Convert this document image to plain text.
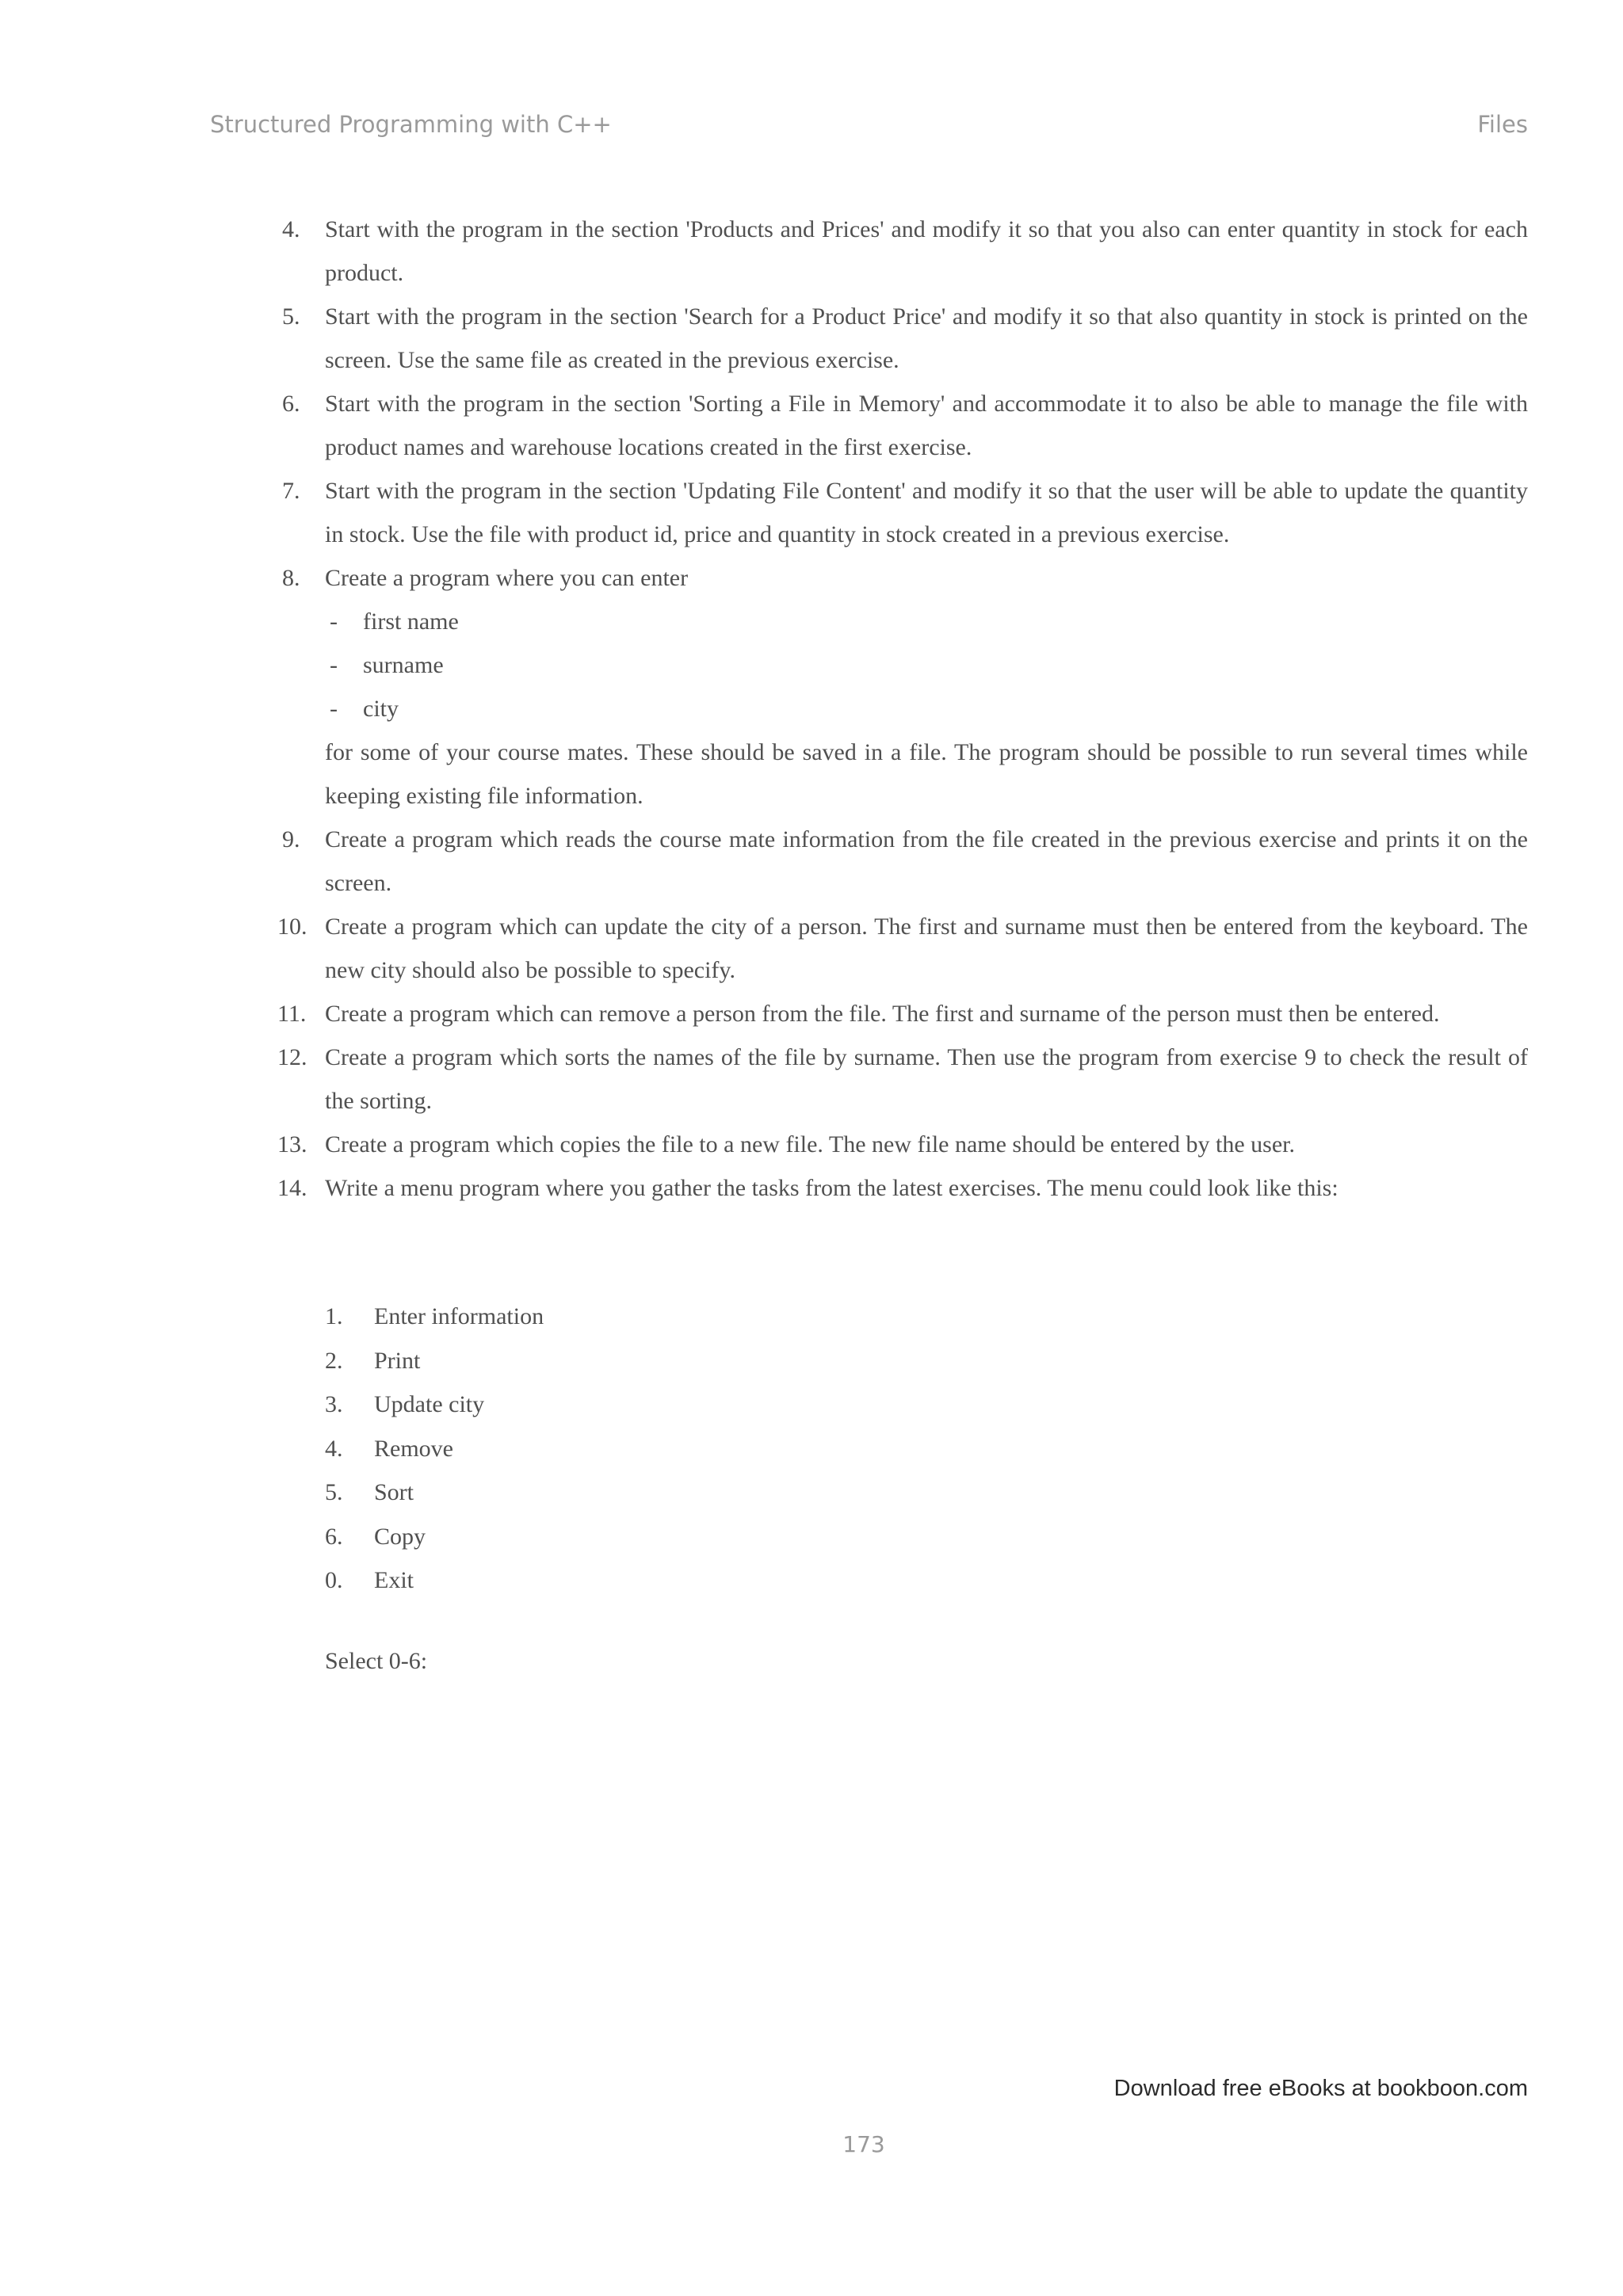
Structured Programming with C++	Files
4. Start with the program in the section 'Products and Prices' and modify it so that you also can enter quantity in stock for each product.
5. Start with the program in the section 'Search for a Product Price' and modify it so that also quantity in stock is printed on the screen. Use the same file as created in the previous exercise.
6. Start with the program in the section 'Sorting a File in Memory' and accommodate it to also be able to manage the file with product names and warehouse locations created in the first exercise.
7. Start with the program in the section 'Updating File Content' and modify it so that the user will be able to update the quantity in stock. Use the file with product id, price and quantity in stock created in a previous exercise.
8. Create a program where you can enter
- first name
- surname
- city
for some of your course mates. These should be saved in a file. The program should be possible to run several times while keeping existing file information.
9. Create a program which reads the course mate information from the file created in the previous exercise and prints it on the screen.
10. Create a program which can update the city of a person. The first and surname must then be entered from the keyboard. The new city should also be possible to specify.
11. Create a program which can remove a person from the file. The first and surname of the person must then be entered.
12. Create a program which sorts the names of the file by surname. Then use the program from exercise 9 to check the result of the sorting.
13. Create a program which copies the file to a new file. The new file name should be entered by the user.
14. Write a menu program where you gather the tasks from the latest exercises. The menu could look like this:
1. Enter information
2. Print
3. Update city
4. Remove
5. Sort
6. Copy
0. Exit
Select 0-6:
Download free eBooks at bookboon.com
173
